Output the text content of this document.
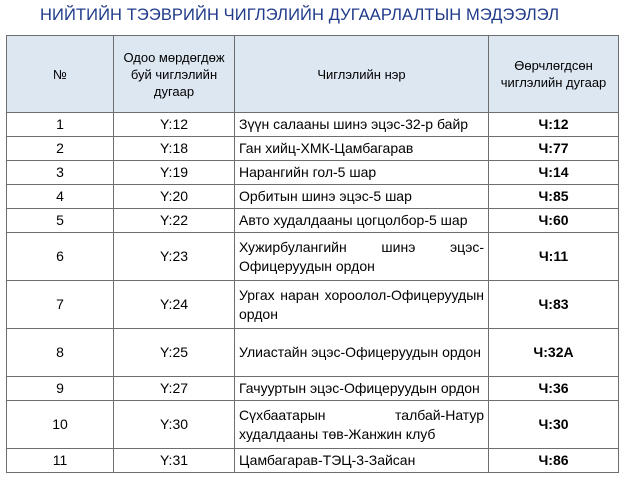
НИЙТИЙН ТЭЭВРИЙН ЧИГЛЭЛИЙН ДУГААРЛАЛТЫН МЭДЭЭЛЭЛ
№	Одоо мөрдөгдөж буй чиглэлийн дугаар	Чиглэлийн нэр	Өөрчлөгдсөн чиглэлийн дугаар
1	Y:12	Зүүн салааны шинэ эцэс-32-р байр	Ч:12
2	Y:18	Ган хийц-ХМК-Цамбагарав	Ч:77
3	Y:19	Нарангийн гол-5 шар	Ч:14
4	Y:20	Орбитын шинэ эцэс-5 шар	Ч:85
5	Y:22	Авто худалдааны цогцолбор-5 шар	Ч:60
6	Y:23	Хужирбулангийн шинэ эцэс-Офицеруудын ордон	Ч:11
7	Y:24	Ургах наран хороолол-Офицеруудын ордон	Ч:83
8	Y:25	Улиастайн эцэс-Офицеруудын ордон	Ч:32А
9	Y:27	Гачууртын эцэс-Офицеруудын ордон	Ч:36
10	Y:30	Сүхбаатарын талбай-Натур худалдааны төв-Жанжин клуб	Ч:30
11	Y:31	Цамбагарав-ТЭЦ-3-Зайсан	Ч:86
